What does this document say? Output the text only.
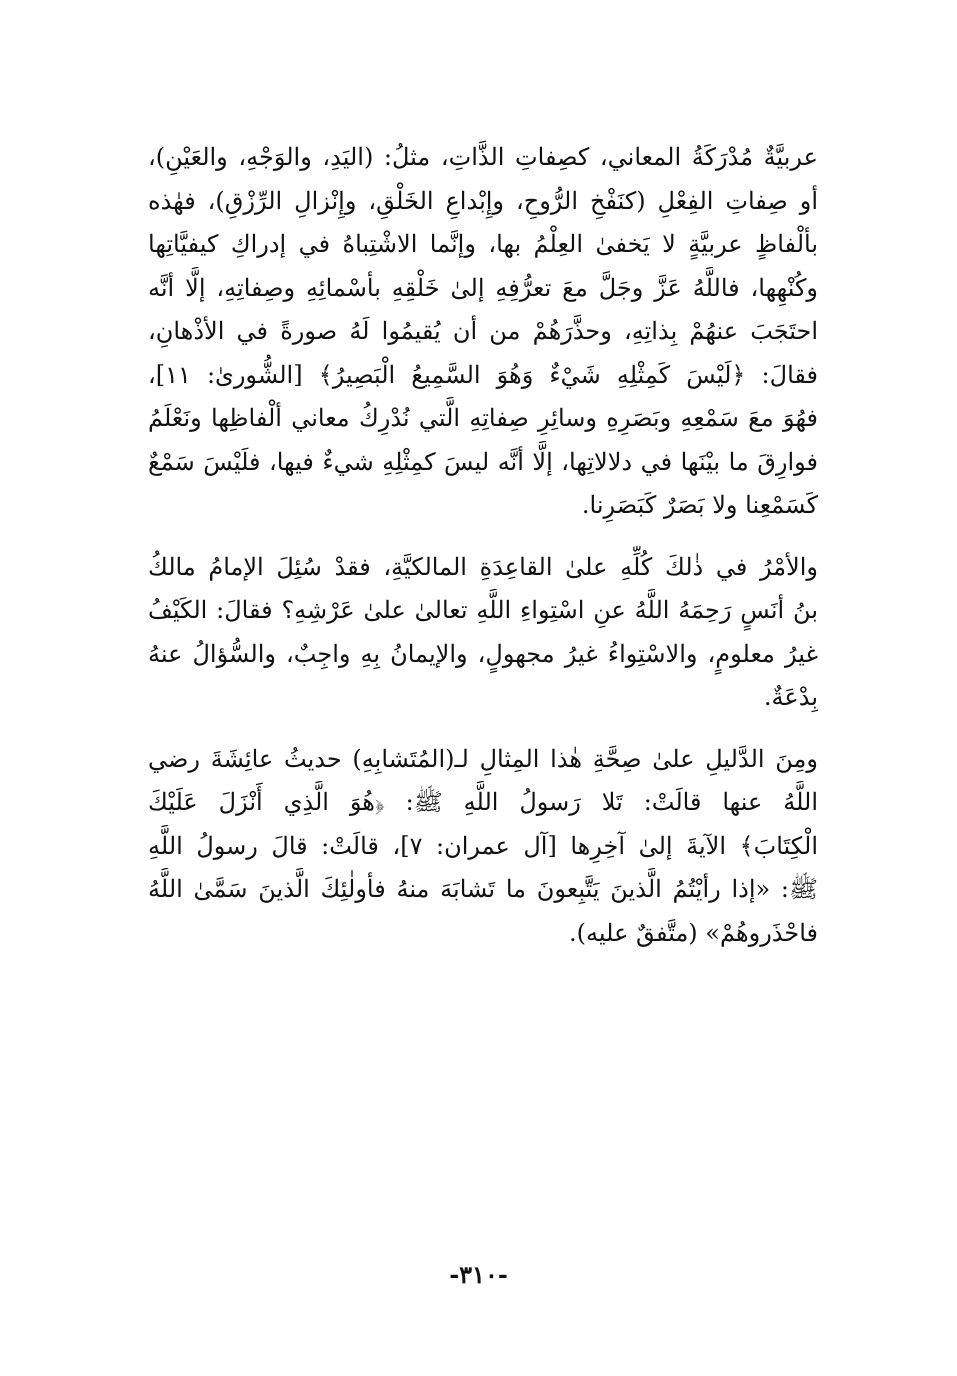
عربيَّةٌ مُدْرَكَةُ المعاني، كصِفاتِ الذَّاتِ، مثلُ: (اليَدِ، والوَجْهِ، والعَيْنِ)،
أو صِفاتِ الفِعْلِ (كنَفْخِ الرُّوحِ، وإِبْداعِ الخَلْقِ، وإِنْزالِ الرِّزْقِ)، فهٰذه
بألْفاظٍ عربيَّةٍ لا يَخفىٰ العِلْمُ بها، وإنَّما الاشْتِباهُ في إدراكِ كيفيَّاتِها
وكُنْهِها، فاللَّهُ عَزَّ وجَلَّ معَ تعرُّفِهِ إلىٰ خَلْقِهِ بأسْمائِهِ وصِفاتِهِ، إلَّا أنَّه
احتَجَبَ عنهُمْ بِذاتِهِ، وحذَّرَهُمْ من أن يُقيمُوا لَهُ صورةً في الأذْهانِ،
فقالَ: ﴿لَيْسَ كَمِثْلِهِ شَيْءٌ وَهُوَ السَّمِيعُ الْبَصِيرُ﴾ [الشُّورىٰ: ١١]،
فهُوَ معَ سَمْعِهِ وبَصَرِهِ وسائِرِ صِفاتِهِ الَّتي نُدْرِكُ معاني ألْفاظِها ونَعْلَمُ
فوارِقَ ما بيْنَها في دلالاتِها، إلَّا أنَّه ليسَ كمِثْلِهِ شيءٌ فيها، فلَيْسَ سَمْعٌ
كَسَمْعِنا ولا بَصَرٌ كَبَصَرِنا.
والأمْرُ في ذٰلكَ كُلِّهِ علىٰ القاعِدَةِ المالكيَّةِ، فقدْ سُئِلَ الإمامُ مالكُ
بنُ أنَسٍ رَحِمَهُ اللَّهُ عنِ اسْتِواءِ اللَّهِ تعالىٰ علىٰ عَرْشِهِ؟ فقالَ: الكَيْفُ
غيرُ معلومٍ، والاسْتِواءُ غيرُ مجهولٍ، والإيمانُ بِهِ واجِبٌ، والسُّؤالُ عنهُ
بِدْعَةٌ.
ومِنَ الدَّليلِ علىٰ صِحَّةِ هٰذا المِثالِ لـ(المُتَشابِهِ) حديثُ عائِشَةَ رضي
اللَّهُ عنها قالَتْ: تَلا رَسولُ اللَّهِ ﷺ: ﴿هُوَ الَّذِي أَنْزَلَ عَلَيْكَ
الْكِتَابَ﴾ الآيةَ إلىٰ آخِرِها [آل عمران: ٧]، قالَتْ: قالَ رسولُ اللَّهِ
ﷺ: «إذا رأيْتُمُ الَّذينَ يَتَّبِعونَ ما تَشابَهَ منهُ فأولٰئِكَ الَّذينَ سَمَّىٰ اللَّهُ
فاحْذَروهُمْ» (متَّفقٌ عليه).
-٣١٠-
